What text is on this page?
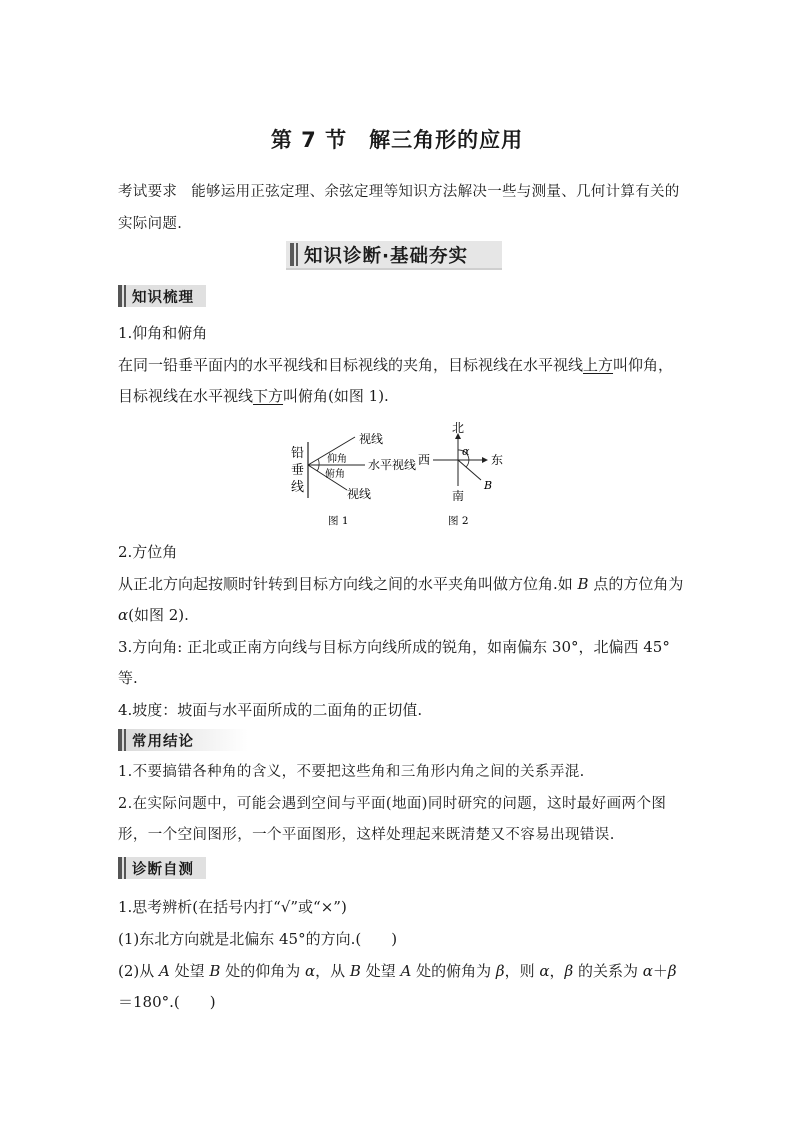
第 7 节 解三角形的应用
考试要求 能够运用正弦定理、余弦定理等知识方法解决一些与测量、几何计算有关的实际问题.
知识诊断·基础夯实
知识梳理
1.仰角和俯角
在同一铅垂平面内的水平视线和目标视线的夹角，目标视线在水平视线上方叫仰角，目标视线在水平视线下方叫俯角(如图 1).
铅
垂
线
视线
仰角 水平视线
俯角
视线
图 1
北
西	东
南
α
B
图 2
2.方位角
从正北方向起按顺时针转到目标方向线之间的水平夹角叫做方位角.如 B 点的方位角为 α(如图 2).
3.方向角: 正北或正南方向线与目标方向线所成的锐角，如南偏东 30°，北偏西 45°等.
4.坡度：坡面与水平面所成的二面角的正切值.
常用结论
1.不要搞错各种角的含义，不要把这些角和三角形内角之间的关系弄混.
2.在实际问题中，可能会遇到空间与平面(地面)同时研究的问题，这时最好画两个图形，一个空间图形，一个平面图形，这样处理起来既清楚又不容易出现错误.
诊断自测
1.思考辨析(在括号内打“√”或“×”)
(1)东北方向就是北偏东 45°的方向.(　　)
(2)从 A 处望 B 处的仰角为 α，从 B 处望 A 处的俯角为 β，则 α，β 的关系为 α＋β＝180°.(　　)
